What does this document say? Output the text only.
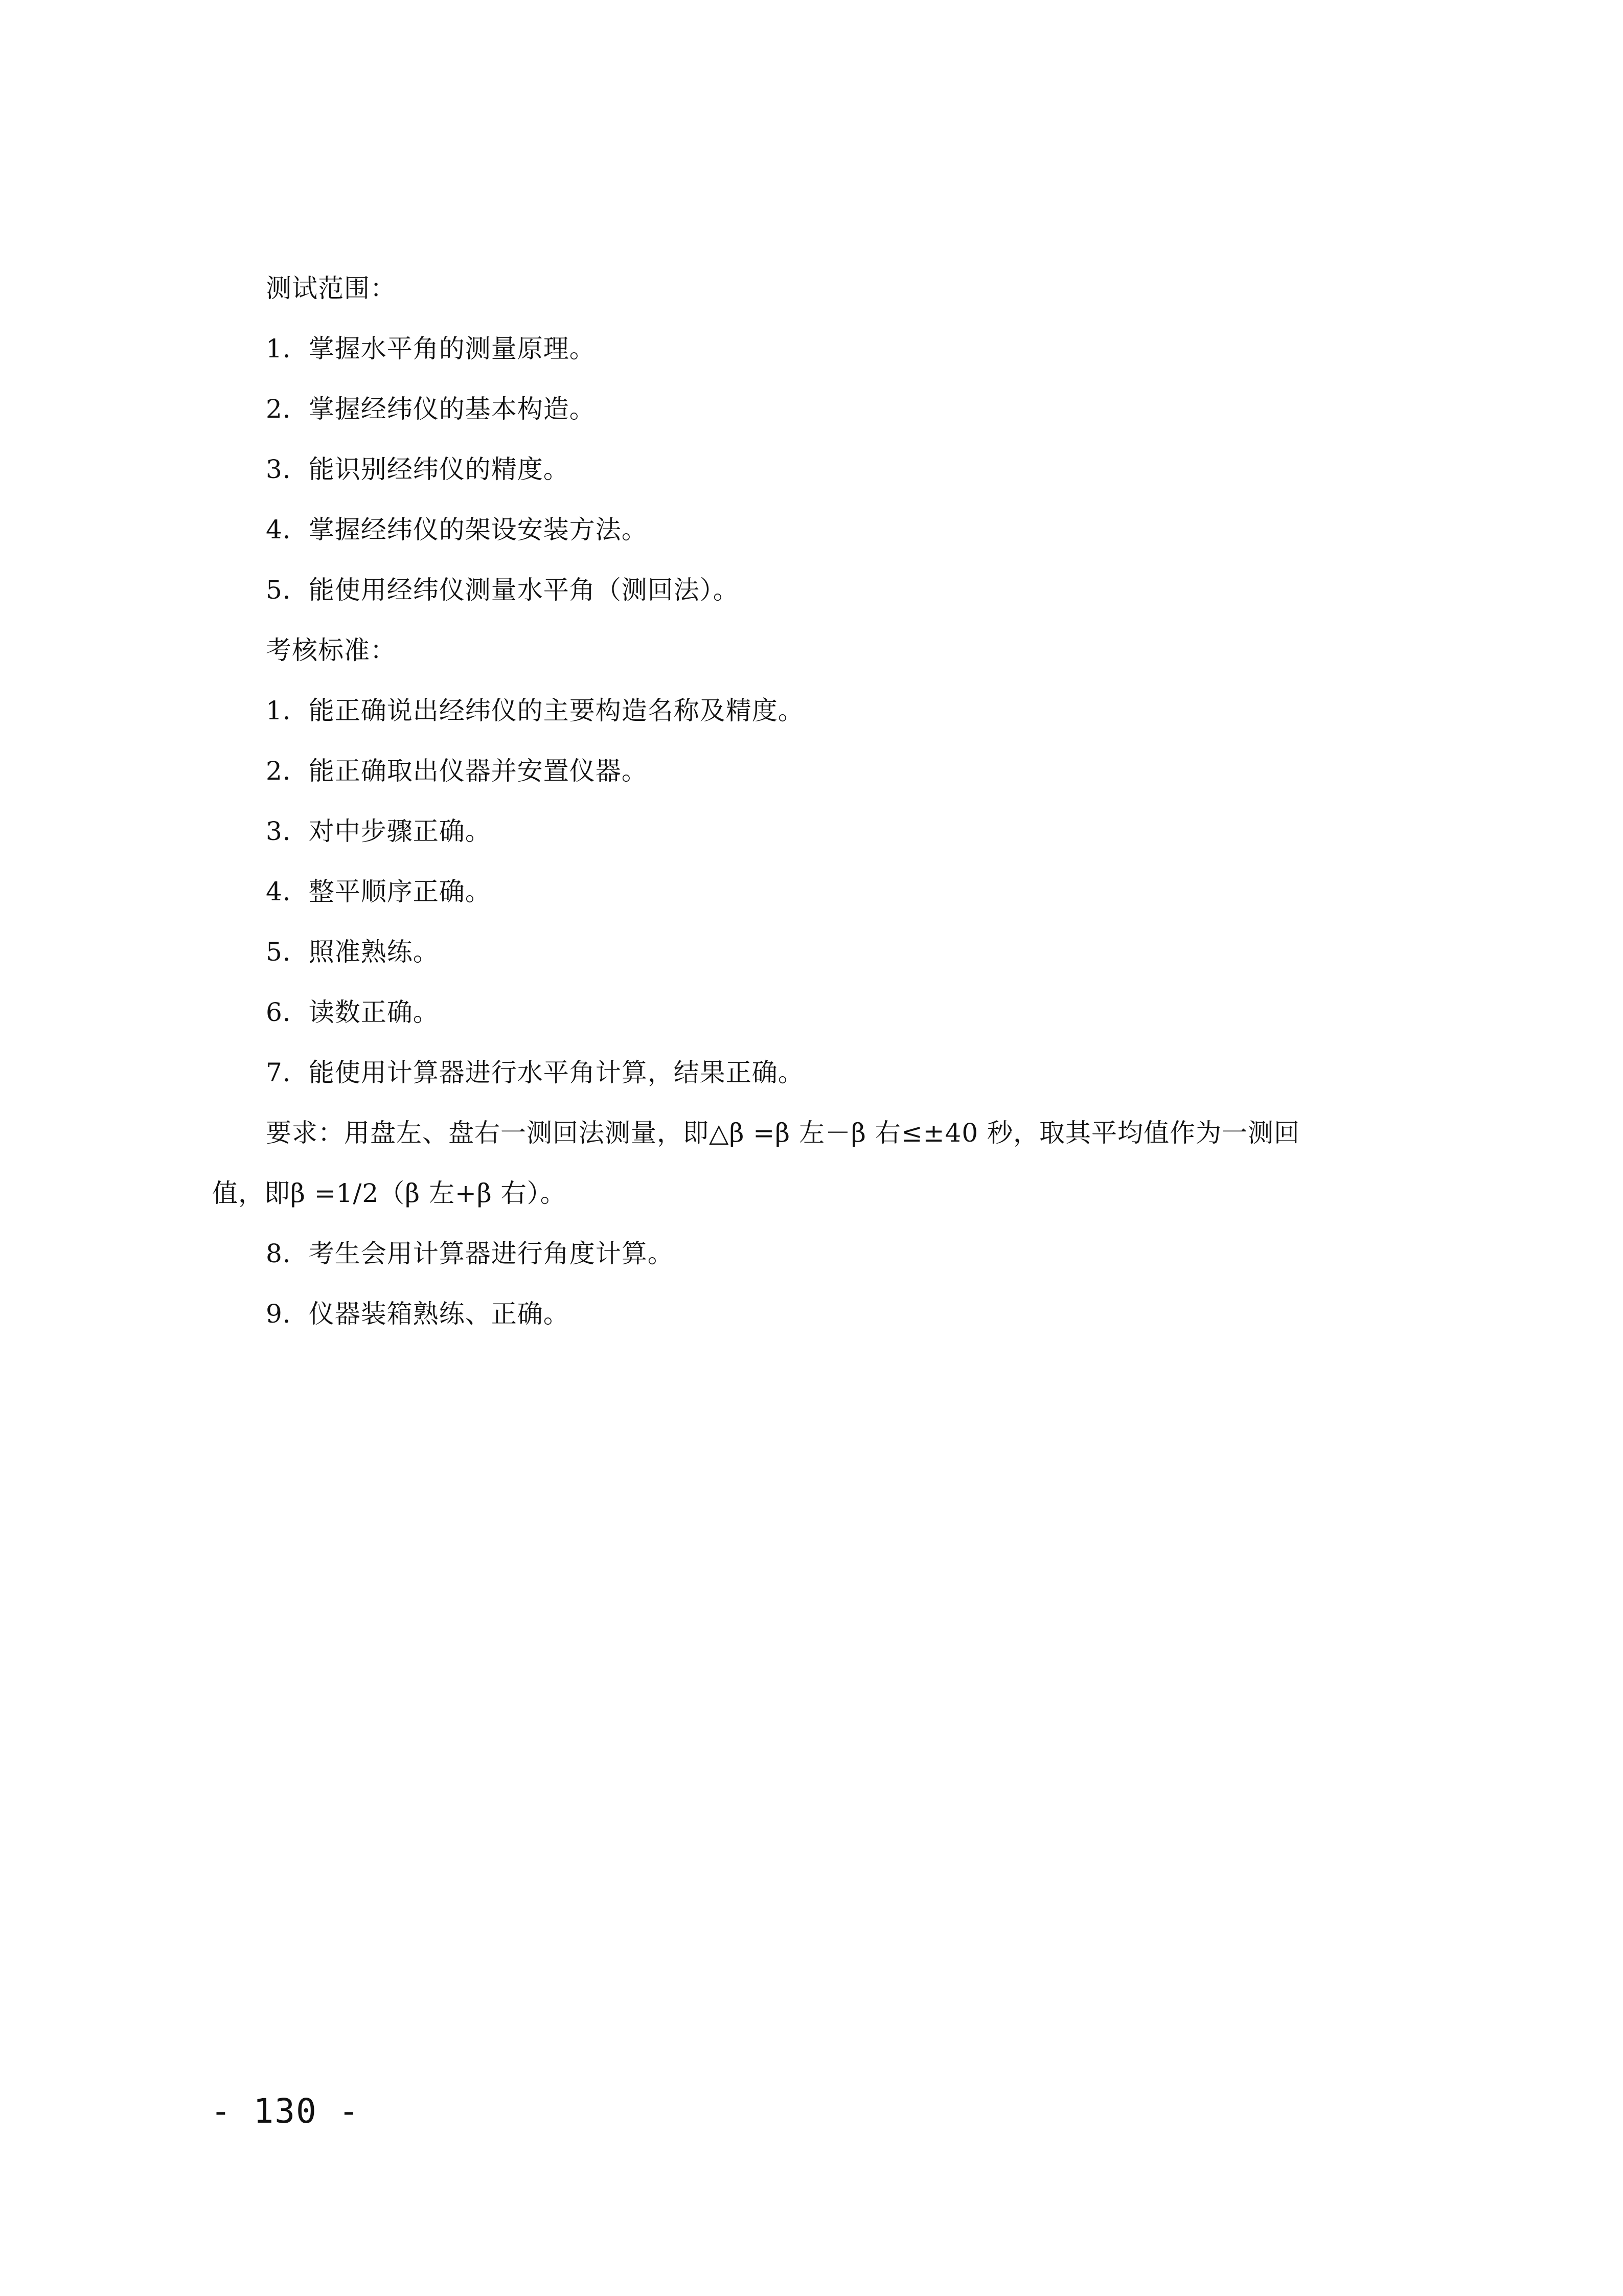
测试范围：
1．掌握水平角的测量原理。
2．掌握经纬仪的基本构造。
3．能识别经纬仪的精度。
4．掌握经纬仪的架设安装方法。
5．能使用经纬仪测量水平角（测回法）。
考核标准：
1．能正确说出经纬仪的主要构造名称及精度。
2．能正确取出仪器并安置仪器。
3．对中步骤正确。
4．整平顺序正确。
5．照准熟练。
6．读数正确。
7．能使用计算器进行水平角计算，结果正确。
要求：用盘左、盘右一测回法测量，即△β =β 左－β 右≤±40 秒，取其平均值作为一测回
值，即β =1/2（β 左+β 右）。
8．考生会用计算器进行角度计算。
9．仪器装箱熟练、正确。
- 130 -
